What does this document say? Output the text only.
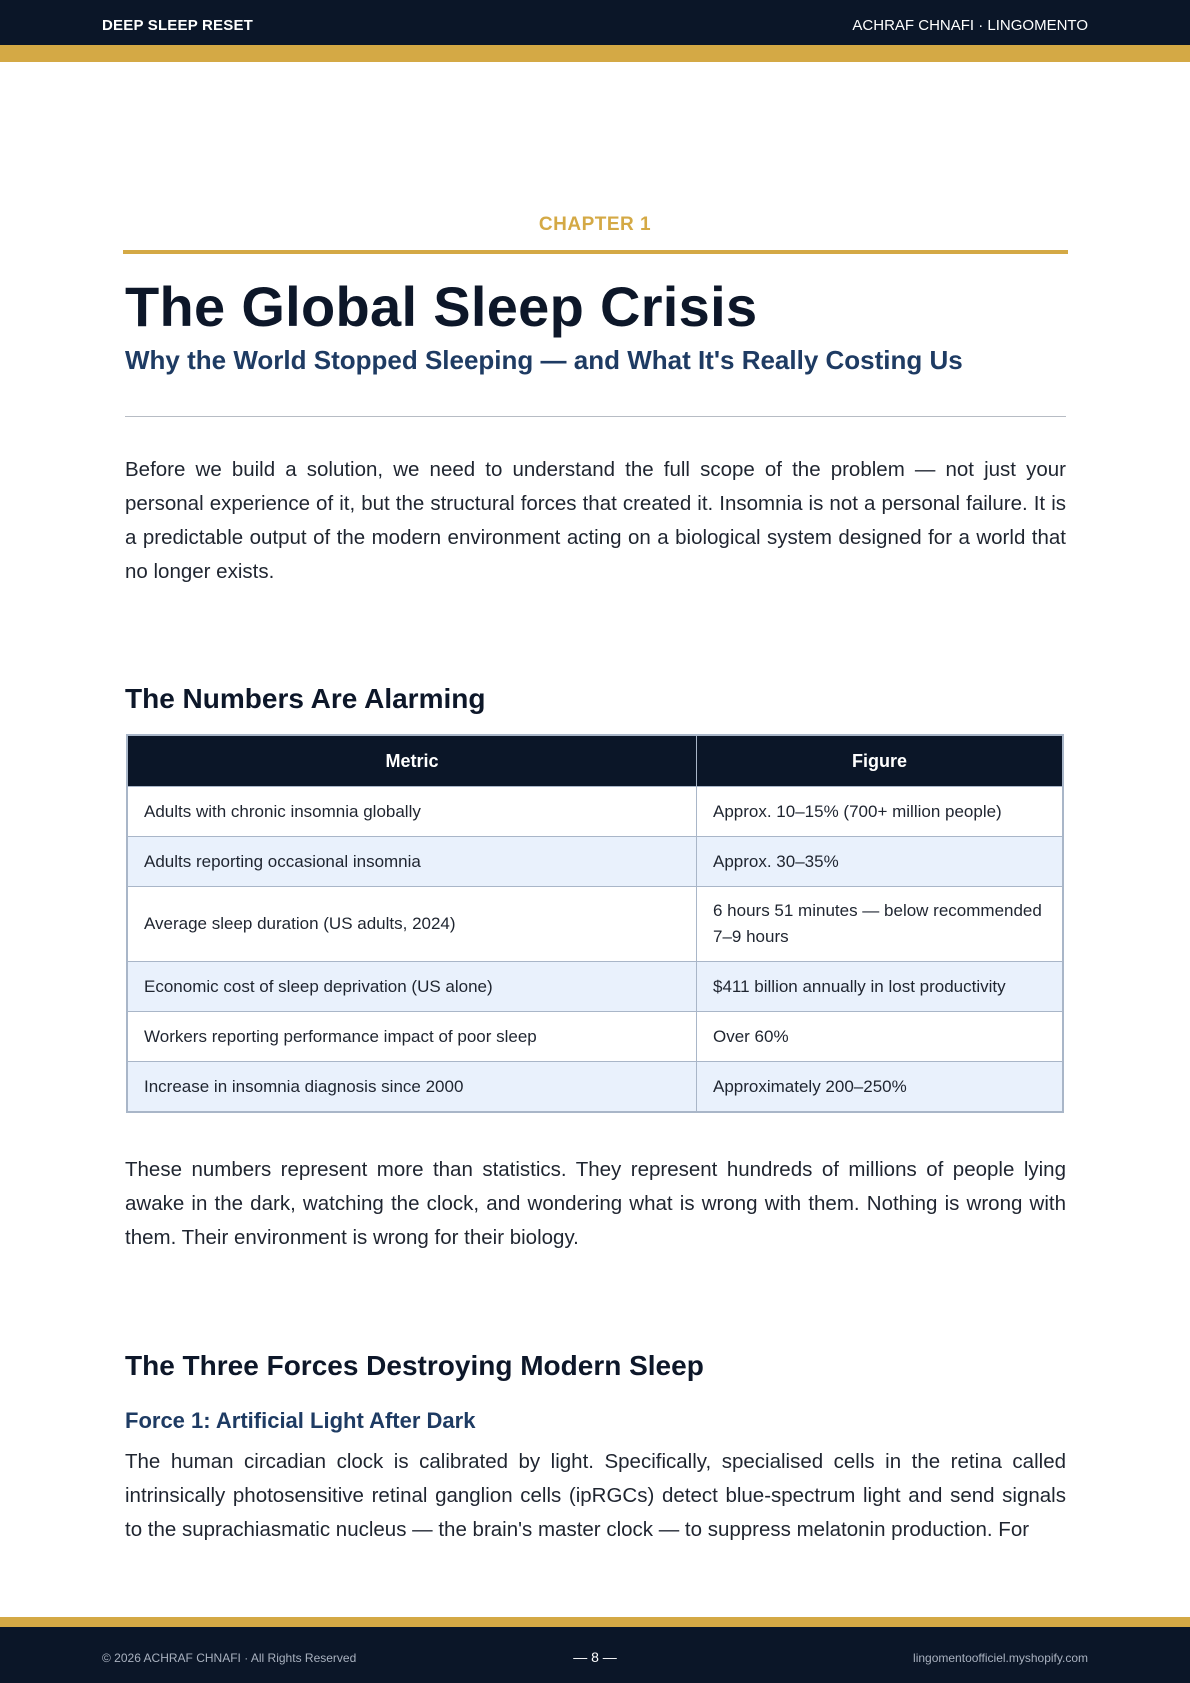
DEEP SLEEP RESET	ACHRAF CHNAFI · LINGOMENTO
CHAPTER 1
The Global Sleep Crisis
Why the World Stopped Sleeping — and What It's Really Costing Us

Before we build a solution, we need to understand the full scope of the problem — not just your personal experience of it, but the structural forces that created it. Insomnia is not a personal failure. It is a predictable output of the modern environment acting on a biological system designed for a world that no longer exists.

The Numbers Are Alarming
Metric	Figure
Adults with chronic insomnia globally	Approx. 10–15% (700+ million people)
Adults reporting occasional insomnia	Approx. 30–35%
Average sleep duration (US adults, 2024)	6 hours 51 minutes — below recommended 7–9 hours
Economic cost of sleep deprivation (US alone)	$411 billion annually in lost productivity
Workers reporting performance impact of poor sleep	Over 60%
Increase in insomnia diagnosis since 2000	Approximately 200–250%

These numbers represent more than statistics. They represent hundreds of millions of people lying awake in the dark, watching the clock, and wondering what is wrong with them. Nothing is wrong with them. Their environment is wrong for their biology.

The Three Forces Destroying Modern Sleep
Force 1: Artificial Light After Dark

The human circadian clock is calibrated by light. Specifically, specialised cells in the retina called intrinsically photosensitive retinal ganglion cells (ipRGCs) detect blue-spectrum light and send signals to the suprachiasmatic nucleus — the brain's master clock — to suppress melatonin production. For

© 2026 ACHRAF CHNAFI · All Rights Reserved	— 8 —	lingomentoofficiel.myshopify.com
